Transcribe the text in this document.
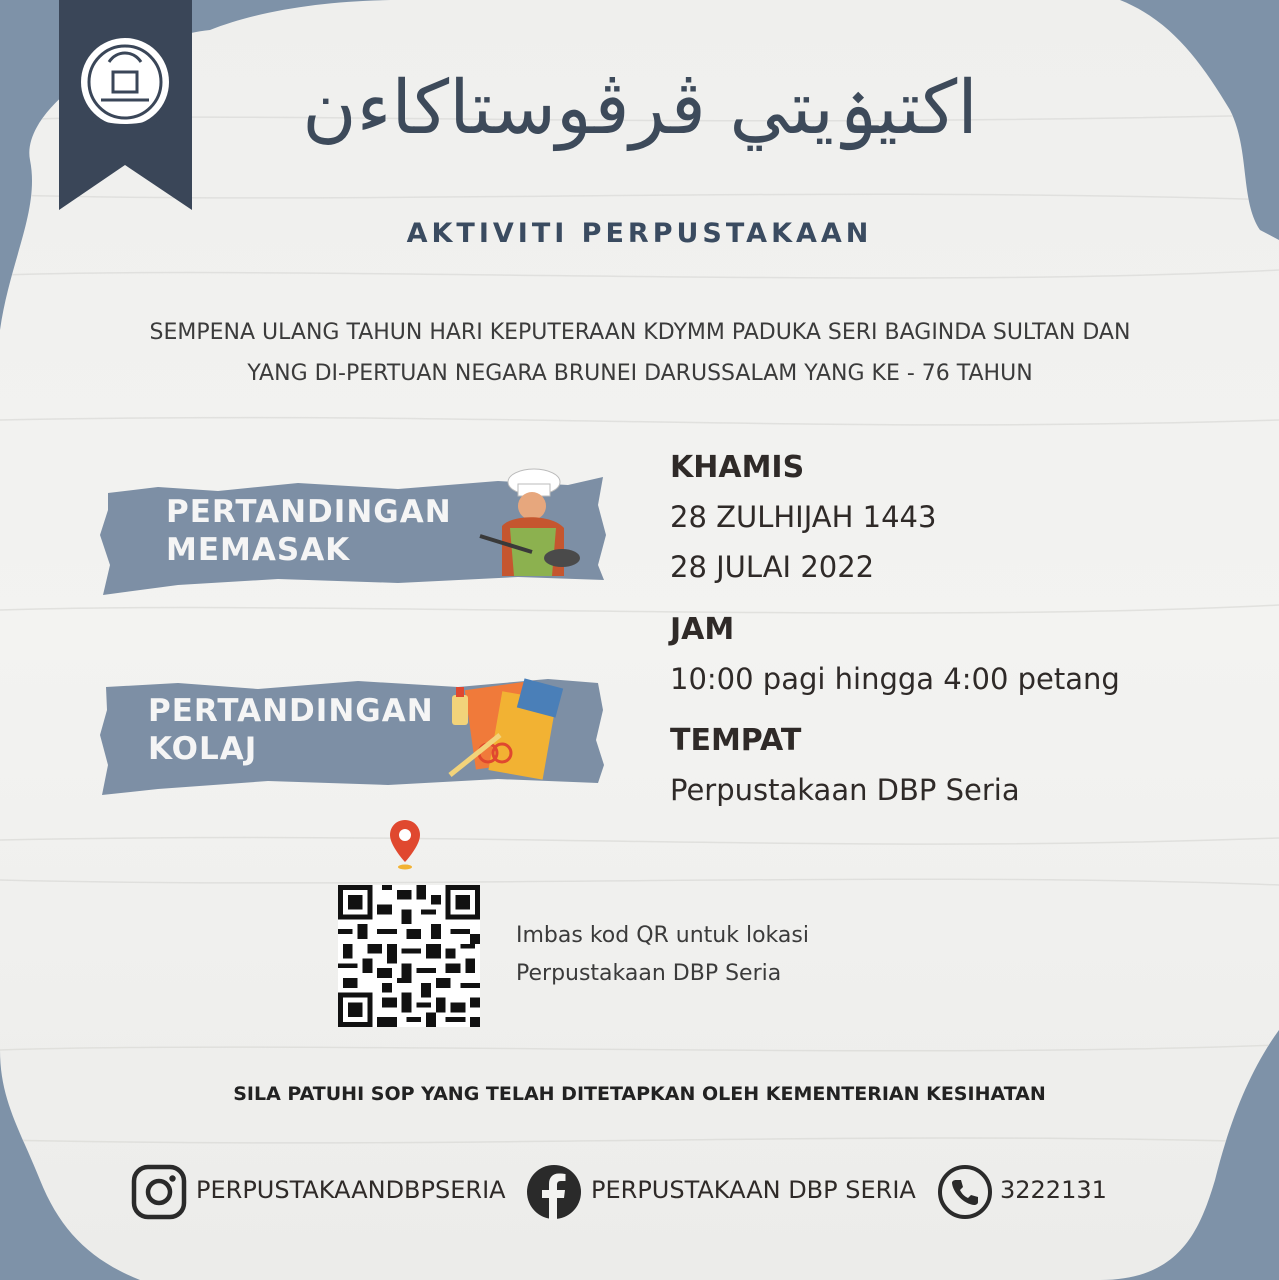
اکتيۏيتي ڤرڤوستاکاءن
AKTIVITI PERPUSTAKAAN
SEMPENA ULANG TAHUN HARI KEPUTERAAN KDYMM PADUKA SERI BAGINDA SULTAN DAN
YANG DI-PERTUAN NEGARA BRUNEI DARUSSALAM YANG KE - 76 TAHUN
PERTANDINGAN
MEMASAK
PERTANDINGAN
KOLAJ
KHAMIS
28 ZULHIJAH 1443
28 JULAI 2022
JAM
10:00 pagi hingga 4:00 petang
TEMPAT
Perpustakaan DBP Seria
Imbas kod QR untuk lokasi
Perpustakaan DBP Seria
SILA PATUHI SOP YANG TELAH DITETAPKAN OLEH KEMENTERIAN KESIHATAN
PERPUSTAKAANDBPSERIA	PERPUSTAKAAN DBP SERIA	3222131
